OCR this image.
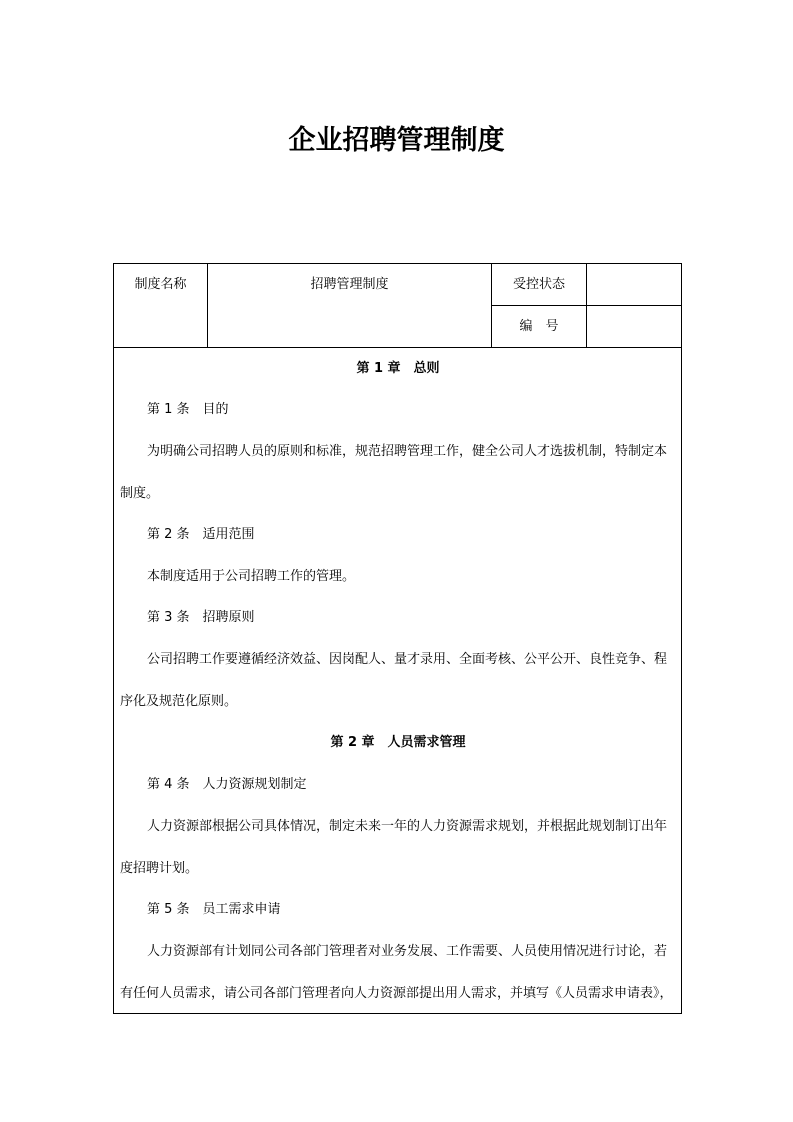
企业招聘管理制度
制度名称	招聘管理制度	受控状态
编　号
第 1 章　总则
第 1 条　目的
为明确公司招聘人员的原则和标准，规范招聘管理工作，健全公司人才选拔机制，特制定本
制度。
第 2 条　适用范围
本制度适用于公司招聘工作的管理。
第 3 条　招聘原则
公司招聘工作要遵循经济效益、因岗配人、量才录用、全面考核、公平公开、良性竞争、程
序化及规范化原则。
第 2 章　人员需求管理
第 4 条　人力资源规划制定
人力资源部根据公司具体情况，制定未来一年的人力资源需求规划，并根据此规划制订出年
度招聘计划。
第 5 条　员工需求申请
人力资源部有计划同公司各部门管理者对业务发展、工作需要、人员使用情况进行讨论，若
有任何人员需求，请公司各部门管理者向人力资源部提出用人需求，并填写《人员需求申请表》，
